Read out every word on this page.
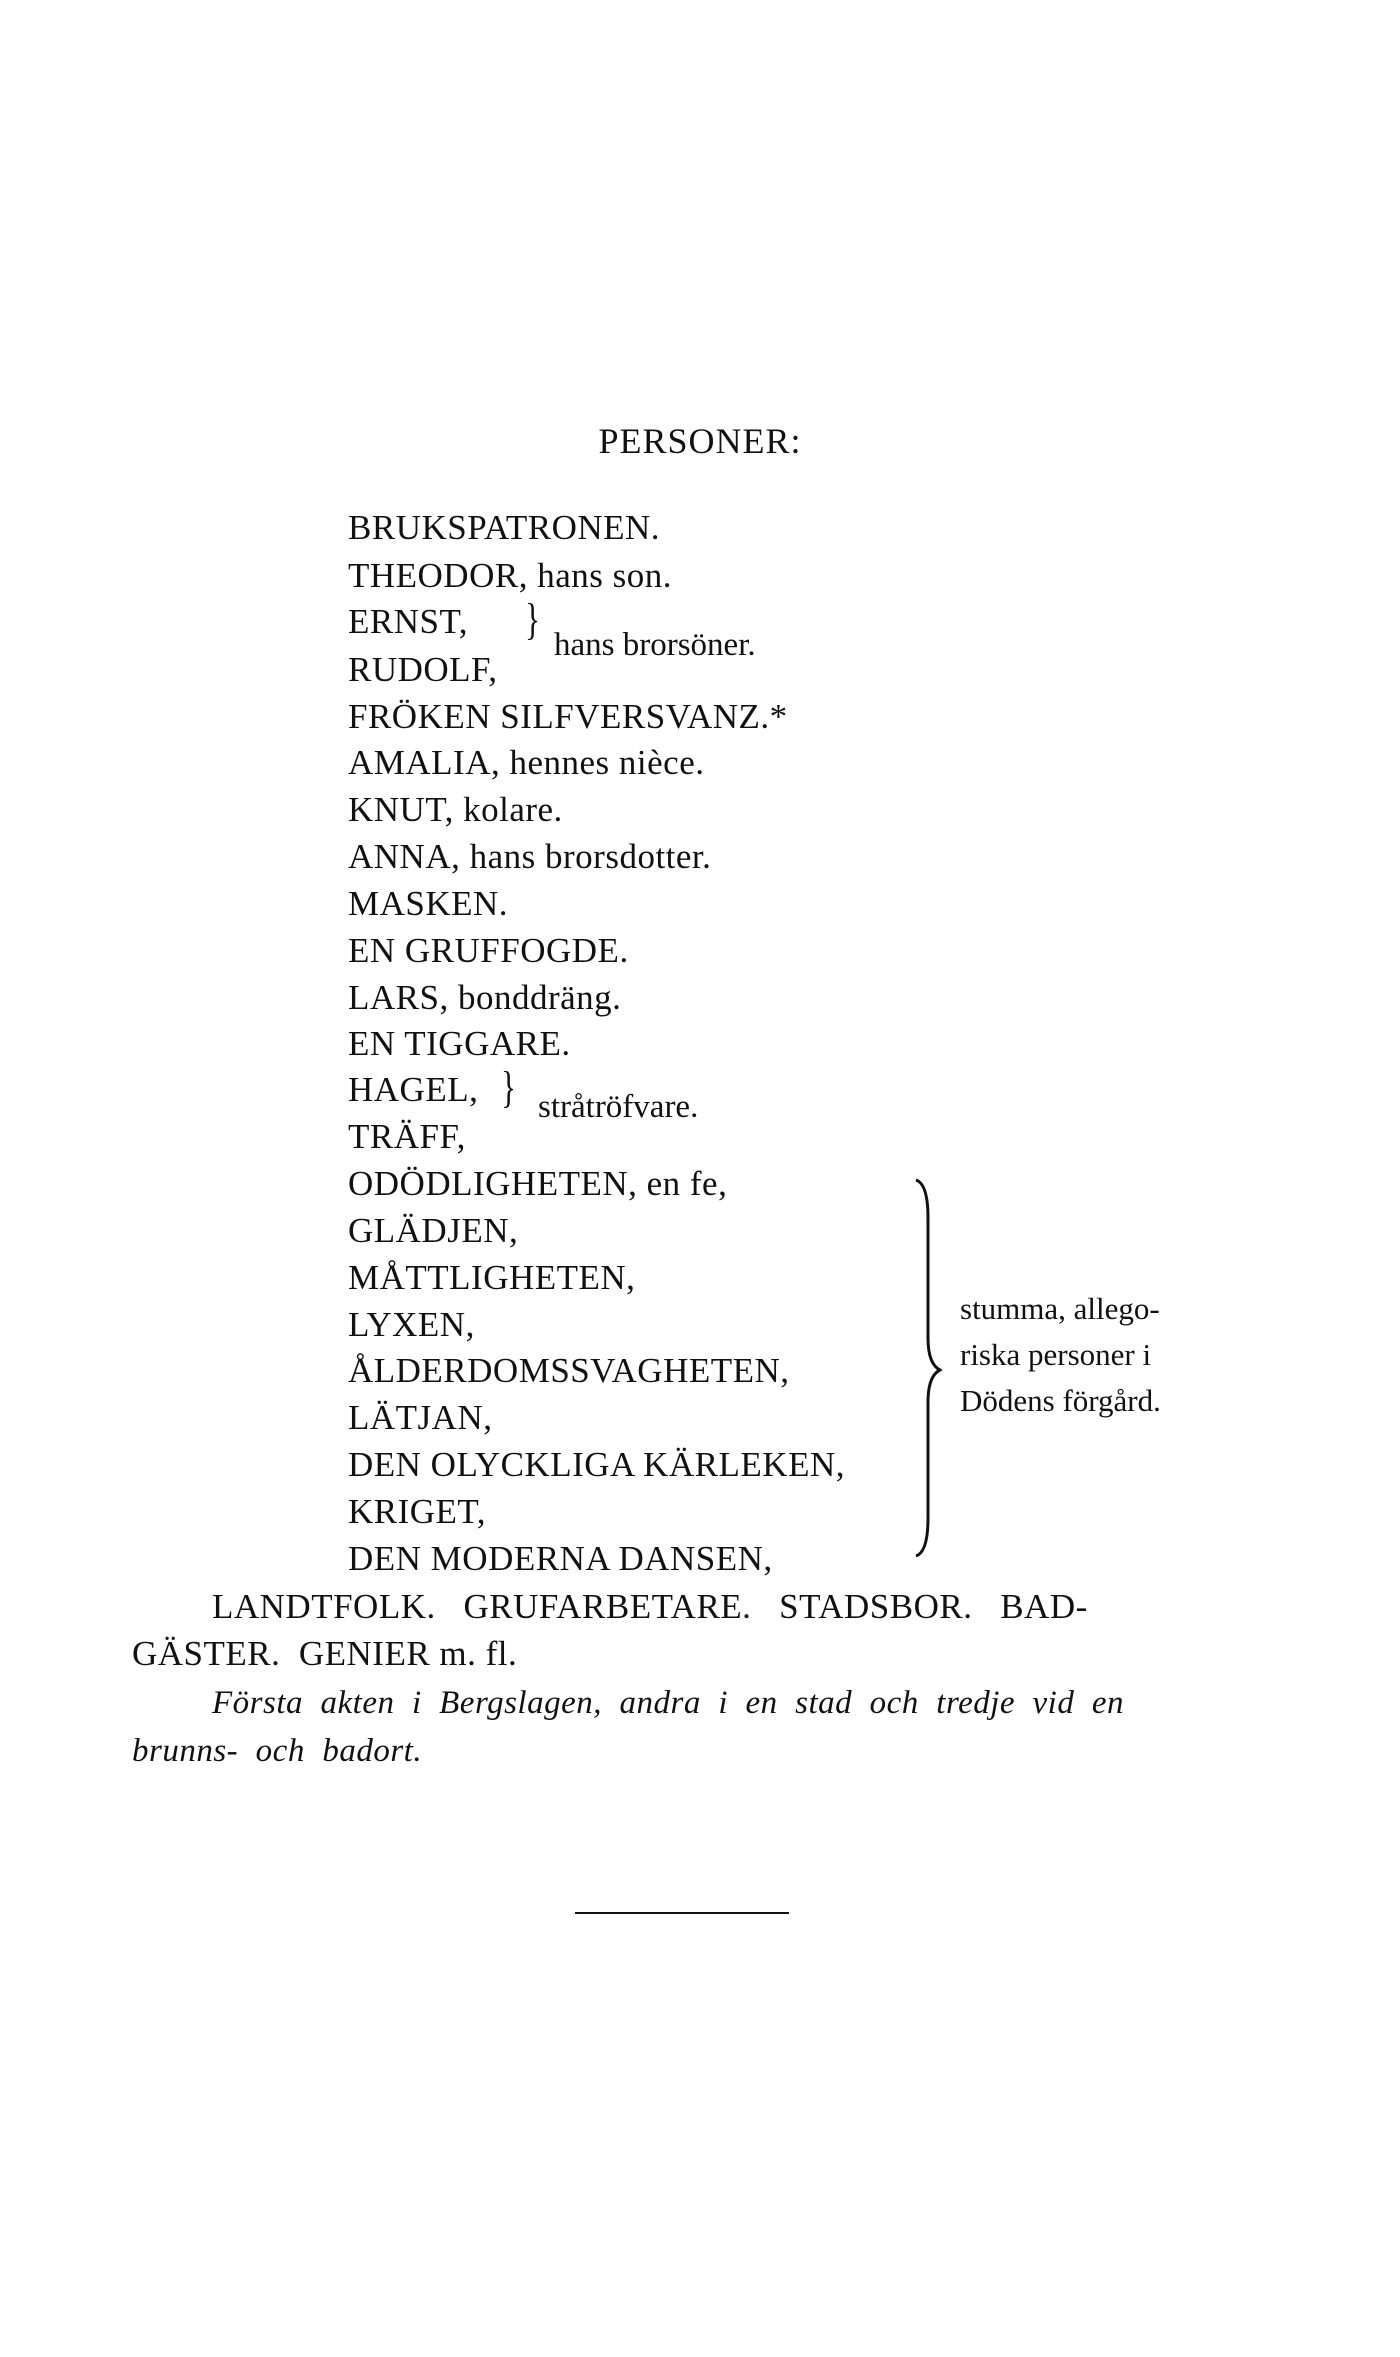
PERSONER:
BRUKSPATRONEN.
THEODOR, hans son.
ERNST,
RUDOLF,
}
hans brorsöner.
FRÖKEN SILFVERSVANZ.*
AMALIA, hennes nièce.
KNUT, kolare.
ANNA, hans brorsdotter.
MASKEN.
EN GRUFFOGDE.
LARS, bonddräng.
EN TIGGARE.
HAGEL,
TRÄFF,
} stråtröfvare.
ODÖDLIGHETEN, en fe,
GLÄDJEN,
MÅTTLIGHETEN,
LYXEN,
ÅLDERDOMSSVAGHETEN,
LÄTJAN,
DEN OLYCKLIGA KÄRLEKEN,
KRIGET,
DEN MODERNA DANSEN,
stumma, allego-
riska personer i
Dödens förgård.
LANDTFOLK.   GRUFARBETARE.   STADSBOR.   BAD-
GÄSTER.  GENIER m. fl.
Första  akten  i  Bergslagen,  andra  i  en  stad  och  tredje  vid  en
brunns-  och  badort.
